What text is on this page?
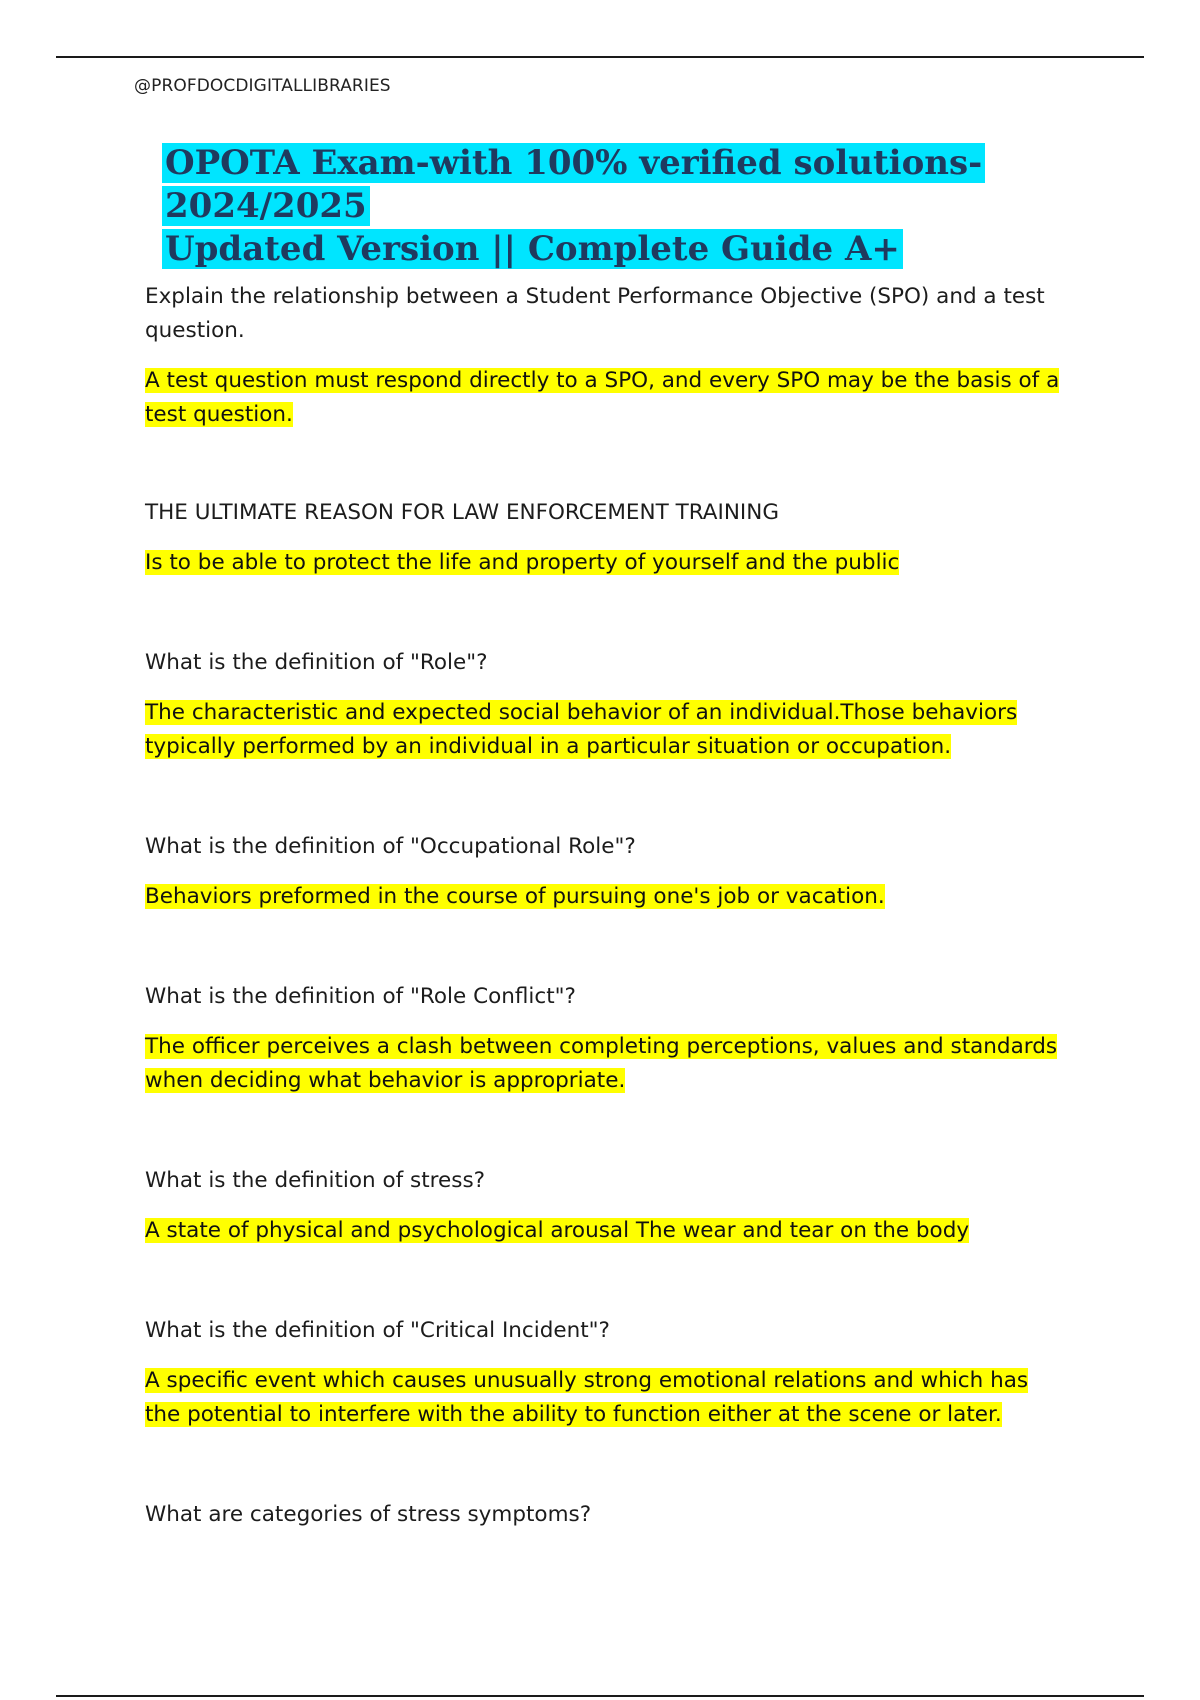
@PROFDOCDIGITALLIBRARIES
OPOTA Exam-with 100% verified solutions-2024/2025
Updated Version || Complete Guide A+

Explain the relationship between a Student Performance Objective (SPO) and a test question.

A test question must respond directly to a SPO, and every SPO may be the basis of a test question.

THE ULTIMATE REASON FOR LAW ENFORCEMENT TRAINING

Is to be able to protect the life and property of yourself and the public

What is the definition of "Role"?

The characteristic and expected social behavior of an individual.Those behaviors typically performed by an individual in a particular situation or occupation.

What is the definition of "Occupational Role"?

Behaviors preformed in the course of pursuing one's job or vacation.

What is the definition of "Role Conflict"?

The officer perceives a clash between completing perceptions, values and standards when deciding what behavior is appropriate.

What is the definition of stress?

A state of physical and psychological arousal The wear and tear on the body

What is the definition of "Critical Incident"?

A specific event which causes unusually strong emotional relations and which has the potential to interfere with the ability to function either at the scene or later.

What are categories of stress symptoms?
